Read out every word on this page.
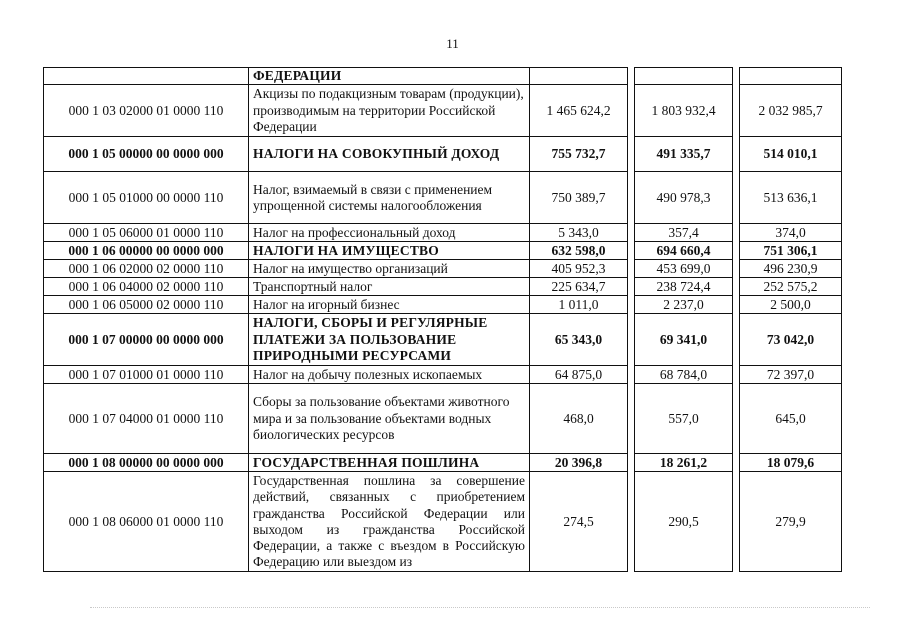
11
	ФЕДЕРАЦИИ					
000 1 03 02000 01 0000 110	Акцизы по подакцизным товарам (продукции), производимым на территории Российской Федерации	1 465 624,2		1 803 932,4		2 032 985,7
000 1 05 00000 00 0000 000	НАЛОГИ НА СОВОКУПНЫЙ ДОХОД	755 732,7		491 335,7		514 010,1
000 1 05 01000 00 0000 110	Налог, взимаемый в связи с применением упрощенной системы налогообложения	750 389,7		490 978,3		513 636,1
000 1 05 06000 01 0000 110	Налог на профессиональный доход	5 343,0		357,4		374,0
000 1 06 00000 00 0000 000	НАЛОГИ НА ИМУЩЕСТВО	632 598,0		694 660,4		751 306,1
000 1 06 02000 02 0000 110	Налог на имущество организаций	405 952,3		453 699,0		496 230,9
000 1 06 04000 02 0000 110	Транспортный налог	225 634,7		238 724,4		252 575,2
000 1 06 05000 02 0000 110	Налог на игорный бизнес	1 011,0		2 237,0		2 500,0
000 1 07 00000 00 0000 000	НАЛОГИ, СБОРЫ И РЕГУЛЯРНЫЕ ПЛАТЕЖИ ЗА ПОЛЬЗОВАНИЕ ПРИРОДНЫМИ РЕСУРСАМИ	65 343,0		69 341,0		73 042,0
000 1 07 01000 01 0000 110	Налог на добычу полезных ископаемых	64 875,0		68 784,0		72 397,0
000 1 07 04000 01 0000 110	Сборы за пользование объектами животного мира и за пользование объектами водных биологических ресурсов	468,0		557,0		645,0
000 1 08 00000 00 0000 000	ГОСУДАРСТВЕННАЯ ПОШЛИНА	20 396,8		18 261,2		18 079,6
000 1 08 06000 01 0000 110	Государственная пошлина за совершение действий, связанных с приобретением гражданства Российской Федерации или выходом из гражданства Российской Федерации, а также с въездом в Российскую Федерацию или выездом из	274,5		290,5		279,9
